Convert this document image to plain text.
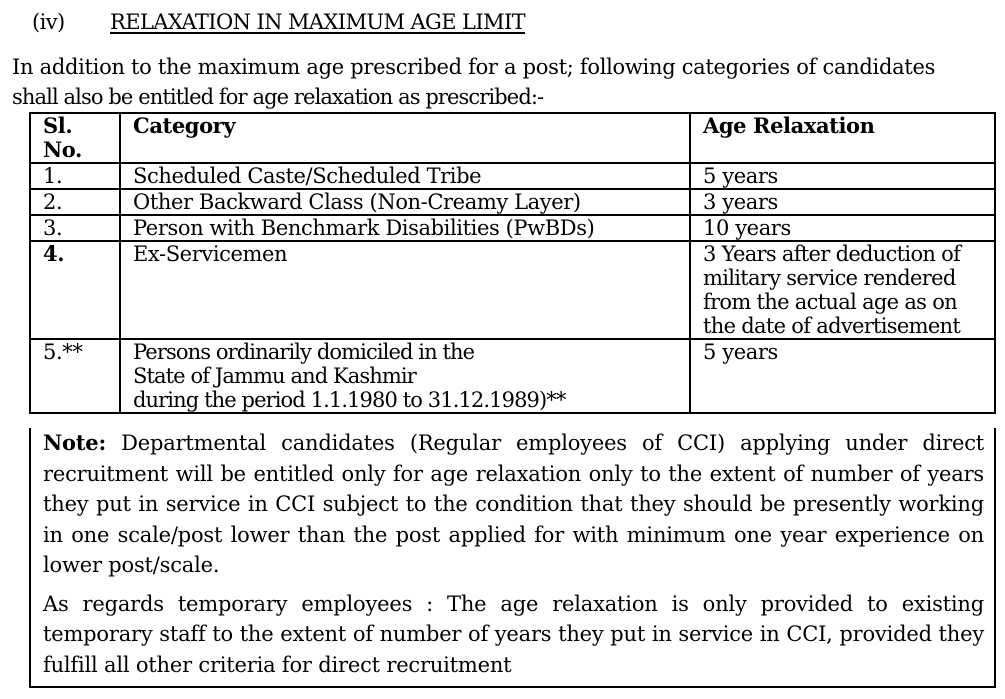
(iv) RELAXATION IN MAXIMUM AGE LIMIT

In addition to the maximum age prescribed for a post; following categories of candidates

shall also be entitled for age relaxation as prescribed:-

Sl.
No.	Category	Age Relaxation
1.	Scheduled Caste/Scheduled Tribe	5 years
2.	Other Backward Class (Non-Creamy Layer)	3 years
3.	Person with Benchmark Disabilities (PwBDs)	10 years
4.	Ex-Servicemen	3 Years after deduction of
military service rendered
from the actual age as on
the date of advertisement

5.**	Persons ordinarily domiciled in the
State of Jammu and Kashmir
during the period 1.1.1980 to 31.12.1989)**	5 years

Note: Departmental candidates (Regular employees of CCI) applying under direct recruitment will be entitled only for age relaxation only to the extent of number of years they put in service in CCI subject to the condition that they should be presently working in one scale/post lower than the post applied for with minimum one year experience on lower post/scale.

As regards temporary employees : The age relaxation is only provided to existing temporary staff to the extent of number of years they put in service in CCI, provided they fulfill all other criteria for direct recruitment
